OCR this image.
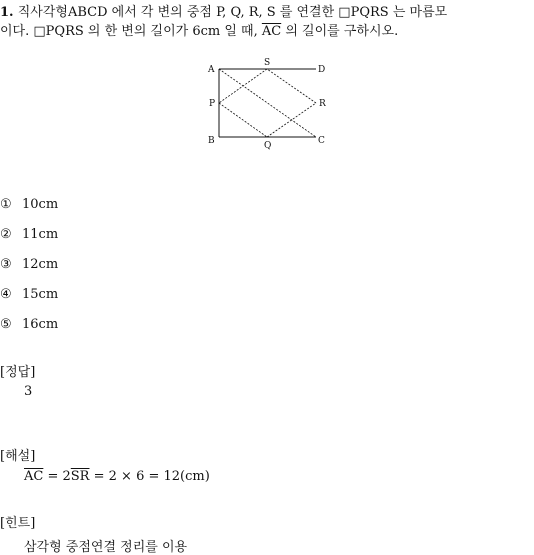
1. 직사각형ABCD 에서 각 변의 중점 P, Q, R, S 를 연결한 □PQRS 는 마름모

이다. □PQRS 의 한 변의 길이가 6cm 일 때, $\overline{AC}$ 의 길이를 구하시오.

A
S
D
P	R
B	Q	C
① 10cm
② 11cm
③ 12cm
④ 15cm
⑤ 16cm
[정답]
3
[해설]
$\overline{AC} = 2\overline{SR} = 2 \times 6 = 12(cm)$
[힌트]
삼각형 중점연결 정리를 이용
